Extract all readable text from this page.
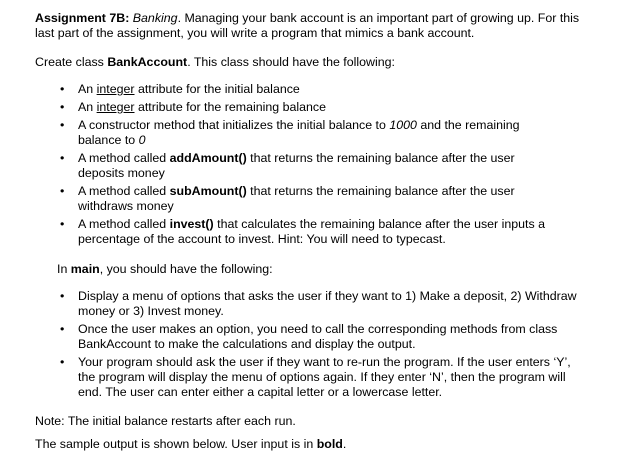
Assignment 7B: Banking. Managing your bank account is an important part of growing up. For this last part of the assignment, you will write a program that mimics a bank account.

Create class BankAccount. This class should have the following:

• An integer attribute for the initial balance
• An integer attribute for the remaining balance
• A constructor method that initializes the initial balance to 1000 and the remaining balance to 0
• A method called addAmount() that returns the remaining balance after the user deposits money
• A method called subAmount() that returns the remaining balance after the user withdraws money
• A method called invest() that calculates the remaining balance after the user inputs a percentage of the account to invest. Hint: You will need to typecast.

In main, you should have the following:

• Display a menu of options that asks the user if they want to 1) Make a deposit, 2) Withdraw money or 3) Invest money.
• Once the user makes an option, you need to call the corresponding methods from class BankAccount to make the calculations and display the output.
• Your program should ask the user if they want to re-run the program. If the user enters ‘Y’, the program will display the menu of options again. If they enter ‘N’, then the program will end. The user can enter either a capital letter or a lowercase letter.

Note: The initial balance restarts after each run.

The sample output is shown below. User input is in bold.
